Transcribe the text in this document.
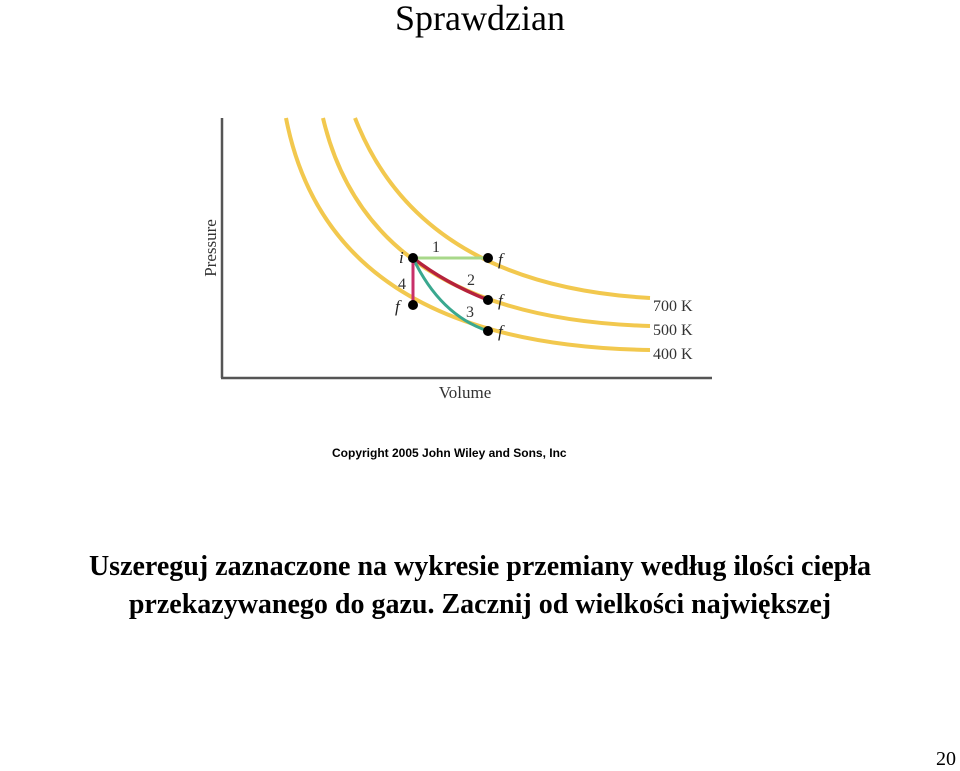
Sprawdzian
Volume
Pressure
700 K
500 K
400 K
i	f
f
f
f
1
2
3
4
Copyright 2005 John Wiley and Sons, Inc
Uszereguj zaznaczone na wykresie przemiany według ilości ciepła
przekazywanego do gazu. Zacznij od wielkości największej
20
